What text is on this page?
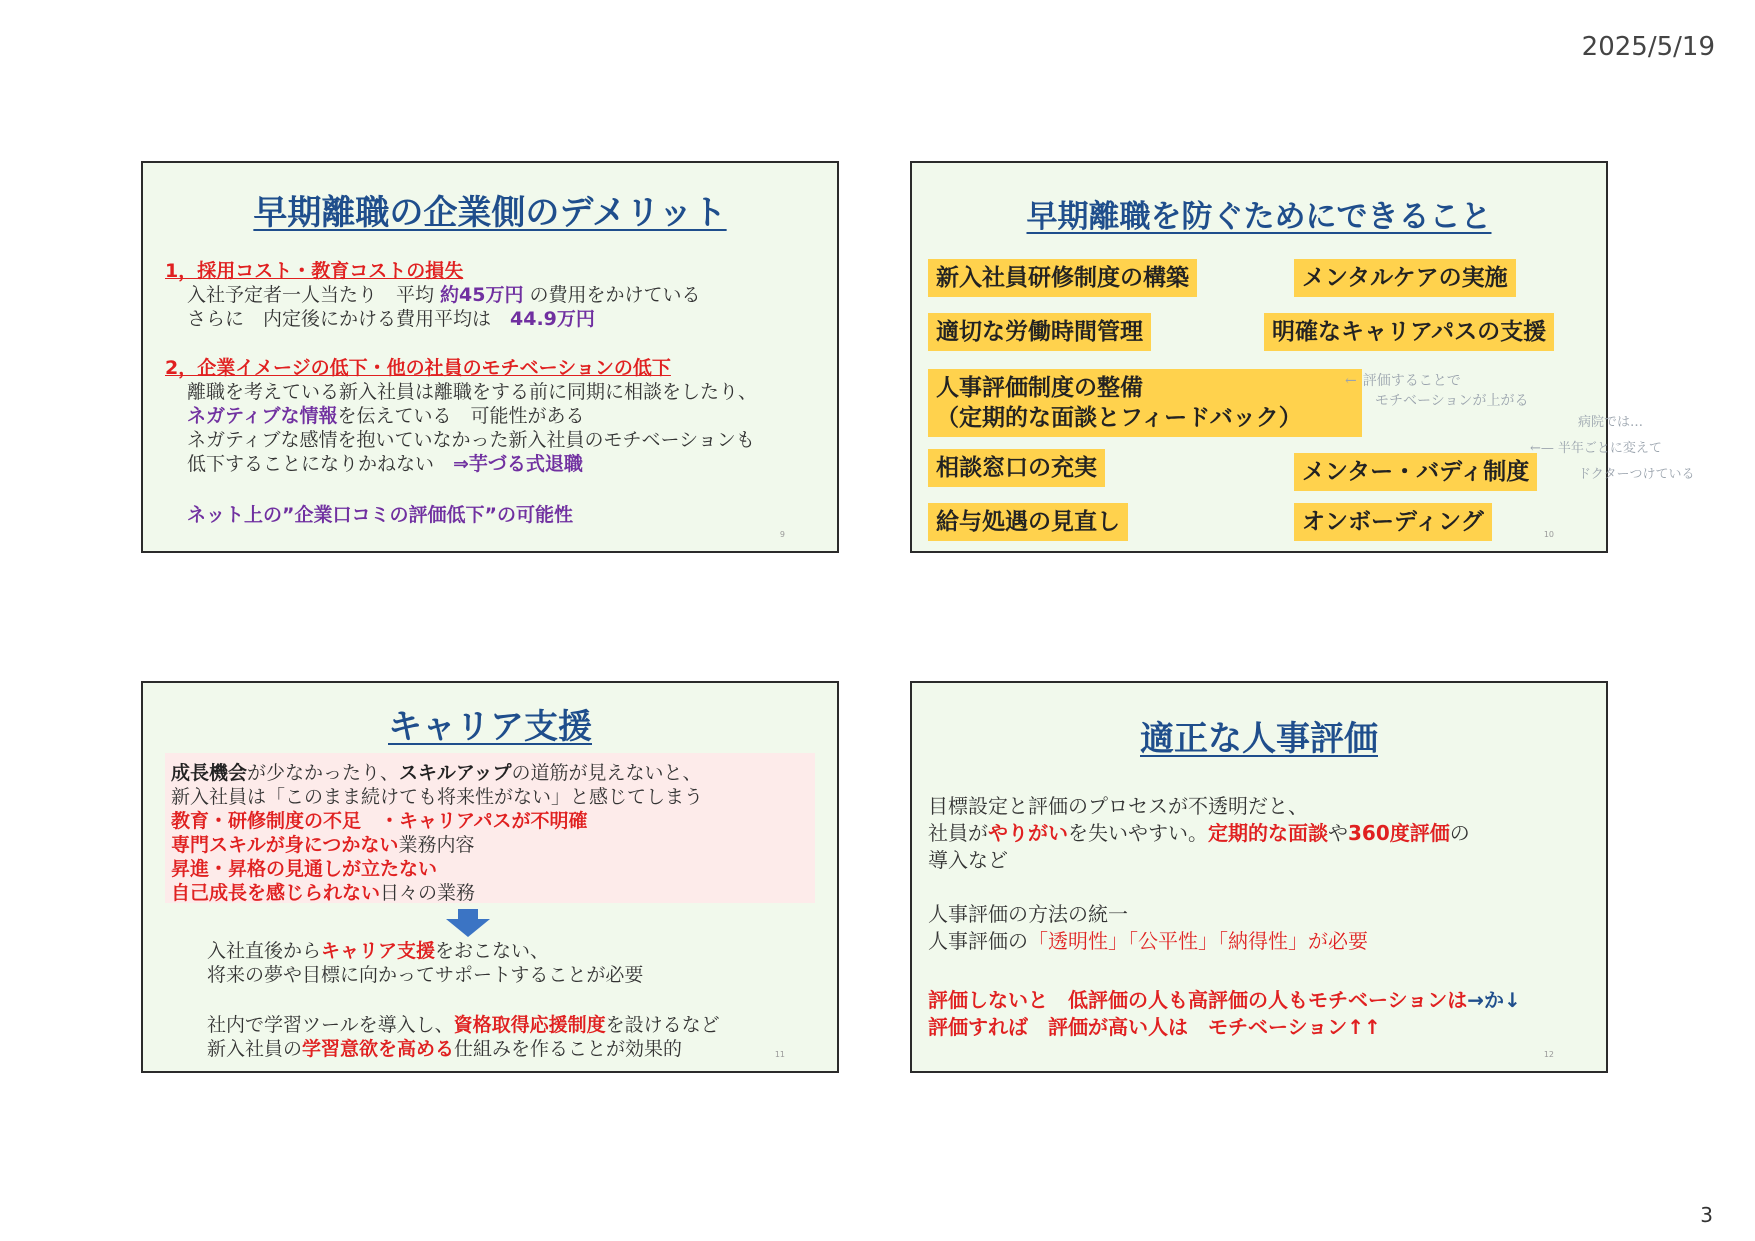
2025/5/19
早期離職の企業側のデメリット
1，採用コスト・教育コストの損失
入社予定者一人当たり　平均 約45万円 の費用をかけている
さらに　内定後にかける費用平均は　44.9万円
2，企業イメージの低下・他の社員のモチベーションの低下
離職を考えている新入社員は離職をする前に同期に相談をしたり、
ネガティブな情報を伝えている　可能性がある
ネガティブな感情を抱いていなかった新入社員のモチベーションも
低下することになりかねない　⇒芋づる式退職
ネット上の”企業口コミの評価低下”の可能性
9
早期離職を防ぐためにできること
新入社員研修制度の構築	メンタルケアの実施
適切な労働時間管理	明確なキャリアパスの支援
人事評価制度の整備
（定期的な面談とフィードバック）
相談窓口の充実	メンター・バディ制度
給与処遇の見直し	オンボーディング	10
← 評価することで
モチベーションが上がる
病院では…
←— 半年ごとに変えて
ドクターつけている
キャリア支援
成長機会が少なかったり、スキルアップの道筋が見えないと、
新入社員は「このまま続けても将来性がない」と感じてしまう
教育・研修制度の不足　・キャリアパスが不明確
専門スキルが身につかない業務内容
昇進・昇格の見通しが立たない
自己成長を感じられない日々の業務
入社直後からキャリア支援をおこない、
将来の夢や目標に向かってサポートすることが必要
社内で学習ツールを導入し、資格取得応援制度を設けるなど
新入社員の学習意欲を高める仕組みを作ることが効果的	11
適正な人事評価
目標設定と評価のプロセスが不透明だと、
社員がやりがいを失いやすい。定期的な面談や360度評価の
導入など
人事評価の方法の統一
人事評価の「透明性」「公平性」「納得性」が必要
評価しないと　低評価の人も高評価の人もモチベーションは→か↓
評価すれば　評価が高い人は　モチベーション↑↑
12
3
